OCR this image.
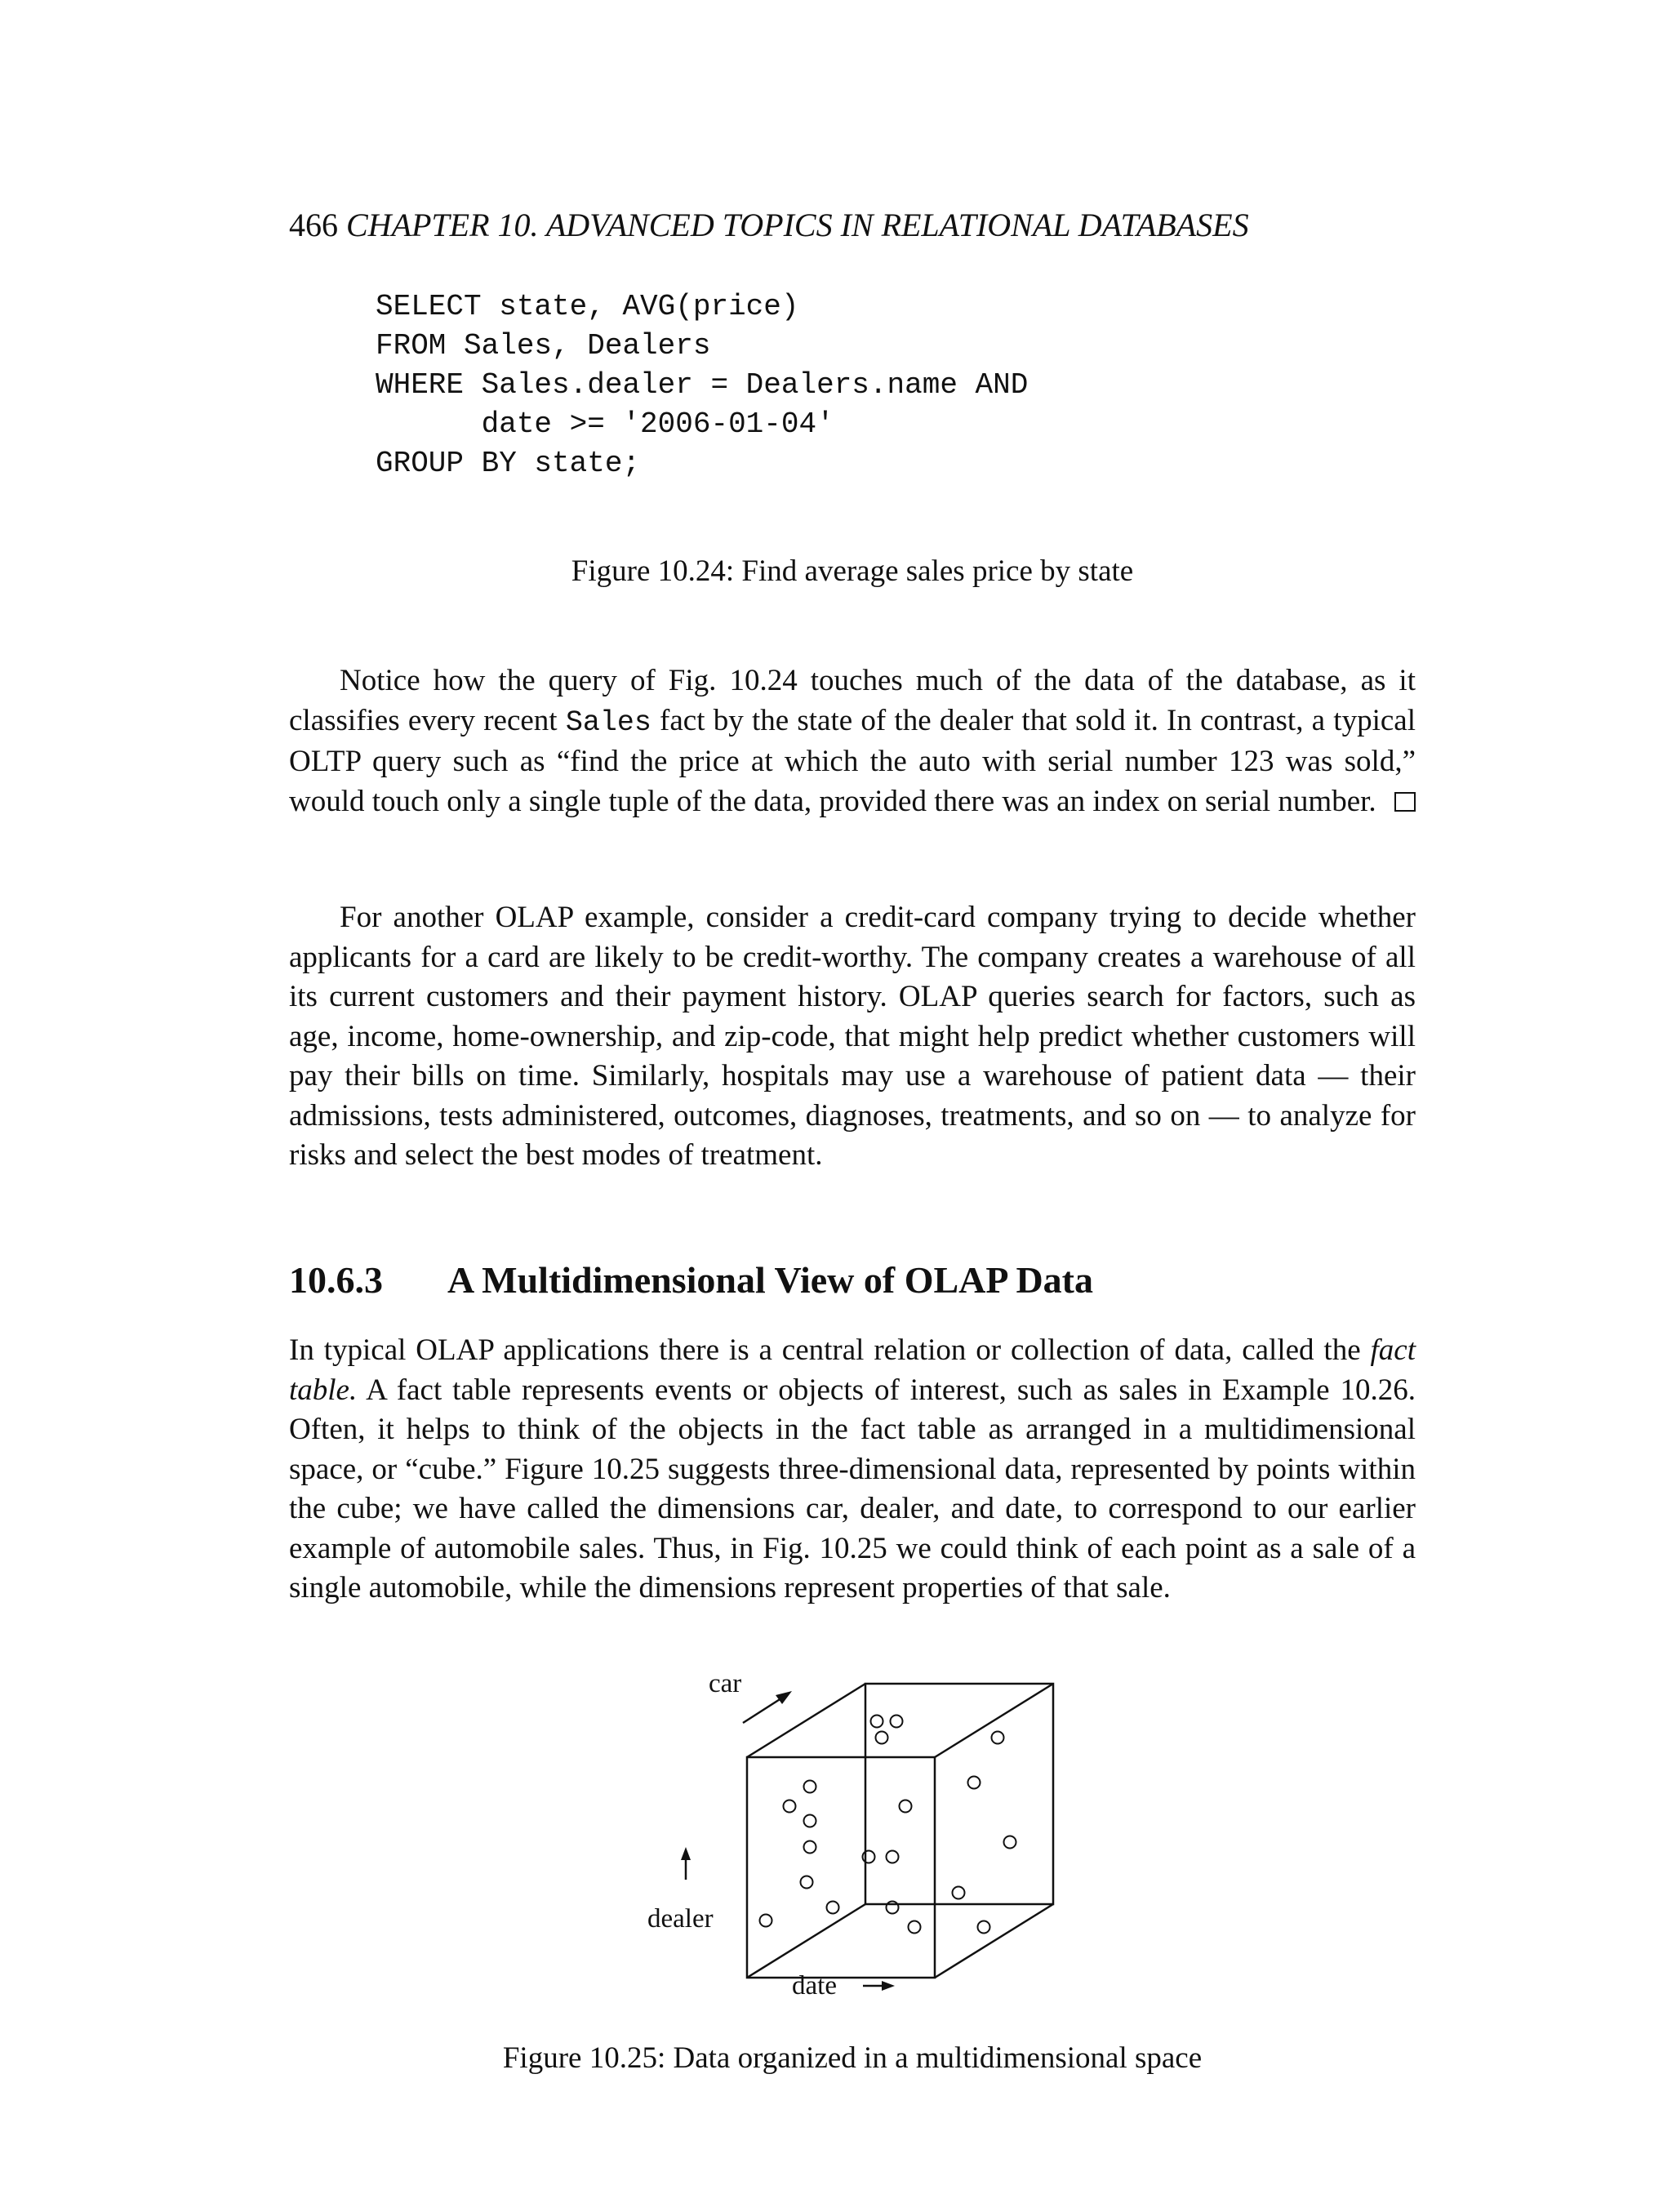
466 CHAPTER 10. ADVANCED TOPICS IN RELATIONAL DATABASES
SELECT state, AVG(price)
FROM Sales, Dealers
WHERE Sales.dealer = Dealers.name AND
date >= '2006-01-04'
GROUP BY state;
Figure 10.24: Find average sales price by state

Notice how the query of Fig. 10.24 touches much of the data of the database, as it classifies every recent Sales fact by the state of the dealer that sold it. In contrast, a typical OLTP query such as “find the price at which the auto with serial number 123 was sold,” would touch only a single tuple of the data, provided there was an index on serial number.

For another OLAP example, consider a credit-card company trying to decide whether applicants for a card are likely to be credit-worthy. The company creates a warehouse of all its current customers and their payment history. OLAP queries search for factors, such as age, income, home-ownership, and zip-code, that might help predict whether customers will pay their bills on time. Similarly, hospitals may use a warehouse of patient data — their admissions, tests administered, outcomes, diagnoses, treatments, and so on — to analyze for risks and select the best modes of treatment.

10.6.3 A Multidimensional View of OLAP Data

In typical OLAP applications there is a central relation or collection of data, called the fact table. A fact table represents events or objects of interest, such as sales in Example 10.26. Often, it helps to think of the objects in the fact table as arranged in a multidimensional space, or “cube.” Figure 10.25 suggests three-dimensional data, represented by points within the cube; we have called the dimensions car, dealer, and date, to correspond to our earlier example of automobile sales. Thus, in Fig. 10.25 we could think of each point as a sale of a single automobile, while the dimensions represent properties of that sale.

car
dealer
date
Figure 10.25: Data organized in a multidimensional space
